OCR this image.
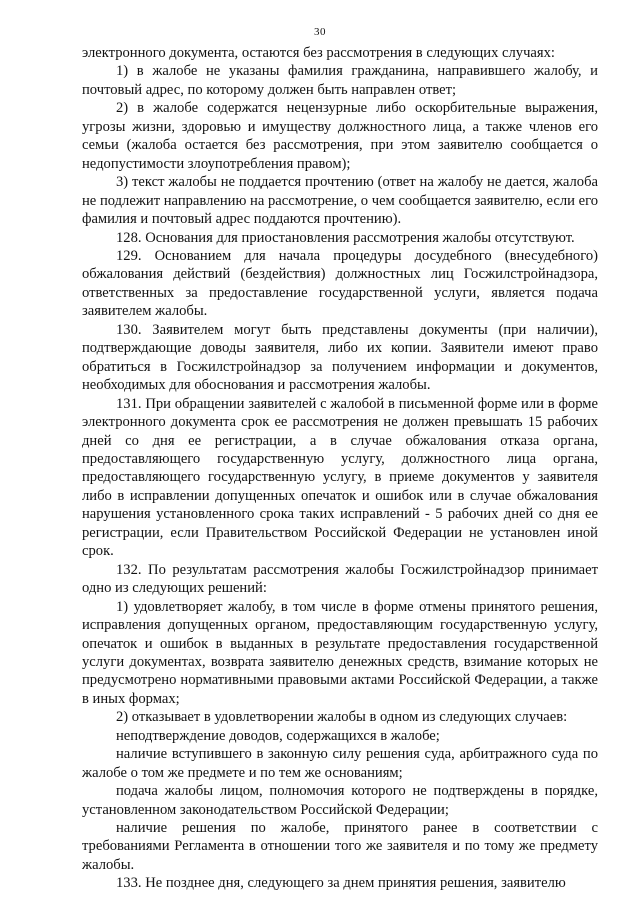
30

электронного документа, остаются без рассмотрения в следующих случаях:

1) в жалобе не указаны фамилия гражданина, направившего жалобу, и почтовый адрес, по которому должен быть направлен ответ;

2) в жалобе содержатся нецензурные либо оскорбительные выражения, угрозы жизни, здоровью и имуществу должностного лица, а также членов его семьи (жалоба остается без рассмотрения, при этом заявителю сообщается о недопустимости злоупотребления правом);

3) текст жалобы не поддается прочтению (ответ на жалобу не дается, жалоба не подлежит направлению на рассмотрение, о чем сообщается заявителю, если его фамилия и почтовый адрес поддаются прочтению).

128. Основания для приостановления рассмотрения жалобы отсутствуют.

129. Основанием для начала процедуры досудебного (внесудебного) обжалования действий (бездействия) должностных лиц Госжилстройнадзора, ответственных за предоставление государственной услуги, является подача заявителем жалобы.

130. Заявителем могут быть представлены документы (при наличии), подтверждающие доводы заявителя, либо их копии. Заявители имеют право обратиться в Госжилстройнадзор за получением информации и документов, необходимых для обоснования и рассмотрения жалобы.

131. При обращении заявителей с жалобой в письменной форме или в форме электронного документа срок ее рассмотрения не должен превышать 15 рабочих дней со дня ее регистрации, а в случае обжалования отказа органа, предоставляющего государственную услугу, должностного лица органа, предоставляющего государственную услугу, в приеме документов у заявителя либо в исправлении допущенных опечаток и ошибок или в случае обжалования нарушения установленного срока таких исправлений - 5 рабочих дней со дня ее регистрации, если Правительством Российской Федерации не установлен иной срок.

132. По результатам рассмотрения жалобы Госжилстройнадзор принимает одно из следующих решений:

1) удовлетворяет жалобу, в том числе в форме отмены принятого решения, исправления допущенных органом, предоставляющим государственную услугу, опечаток и ошибок в выданных в результате предоставления государственной услуги документах, возврата заявителю денежных средств, взимание которых не предусмотрено нормативными правовыми актами Российской Федерации, а также в иных формах;

2) отказывает в удовлетворении жалобы в одном из следующих случаев:

неподтверждение доводов, содержащихся в жалобе;

наличие вступившего в законную силу решения суда, арбитражного суда по жалобе о том же предмете и по тем же основаниям;

подача жалобы лицом, полномочия которого не подтверждены в порядке, установленном законодательством Российской Федерации;

наличие решения по жалобе, принятого ранее в соответствии с требованиями Регламента в отношении того же заявителя и по тому же предмету жалобы.

133. Не позднее дня, следующего за днем принятия решения, заявителю
